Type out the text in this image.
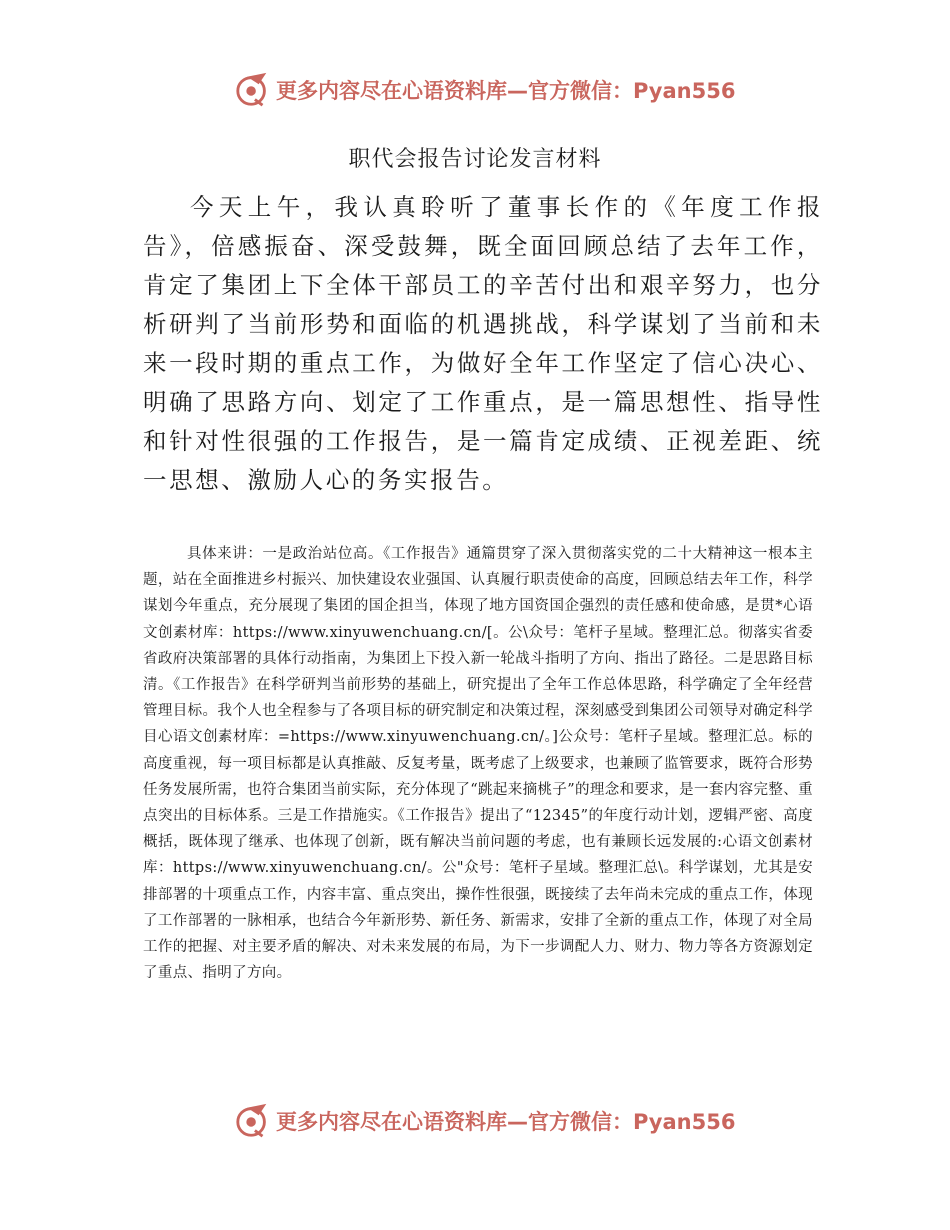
更多内容尽在心语资料库—官方微信：Pyan556
职代会报告讨论发言材料

今天上午，我认真聆听了董事长作的《年度工作报告》，倍感振奋、深受鼓舞，既全面回顾总结了去年工作，肯定了集团上下全体干部员工的辛苦付出和艰辛努力，也分析研判了当前形势和面临的机遇挑战，科学谋划了当前和未来一段时期的重点工作，为做好全年工作坚定了信心决心、明确了思路方向、划定了工作重点，是一篇思想性、指导性和针对性很强的工作报告，是一篇肯定成绩、正视差距、统一思想、激励人心的务实报告。

具体来讲：一是政治站位高。《工作报告》通篇贯穿了深入贯彻落实党的二十大精神这一根本主题，站在全面推进乡村振兴、加快建设农业强国、认真履行职责使命的高度，回顾总结去年工作，科学谋划今年重点，充分展现了集团的国企担当，体现了地方国资国企强烈的责任感和使命感，是贯*心语文创素材库：https://www.xinyuwenchuang.cn/[。公\众号：笔杆子星域。整理汇总。彻落实省委省政府决策部署的具体行动指南，为集团上下投入新一轮战斗指明了方向、指出了路径。二是思路目标清。《工作报告》在科学研判当前形势的基础上，研究提出了全年工作总体思路，科学确定了全年经营管理目标。我个人也全程参与了各项目标的研究制定和决策过程，深刻感受到集团公司领导对确定科学目心语文创素材库：=https://www.xinyuwenchuang.cn/。]公众号：笔杆子星域。整理汇总。标的高度重视，每一项目标都是认真推敲、反复考量，既考虑了上级要求，也兼顾了监管要求，既符合形势任务发展所需，也符合集团当前实际，充分体现了“跳起来摘桃子”的理念和要求，是一套内容完整、重点突出的目标体系。三是工作措施实。《工作报告》提出了“12345”的年度行动计划，逻辑严密、高度概括，既体现了继承、也体现了创新，既有解决当前问题的考虑，也有兼顾长远发展的:心语文创素材库：https://www.xinyuwenchuang.cn/。公"众号：笔杆子星域。整理汇总\。科学谋划，尤其是安排部署的十项重点工作，内容丰富、重点突出，操作性很强，既接续了去年尚未完成的重点工作，体现了工作部署的一脉相承，也结合今年新形势、新任务、新需求，安排了全新的重点工作，体现了对全局工作的把握、对主要矛盾的解决、对未来发展的布局，为下一步调配人力、财力、物力等各方资源划定了重点、指明了方向。

更多内容尽在心语资料库—官方微信：Pyan556
